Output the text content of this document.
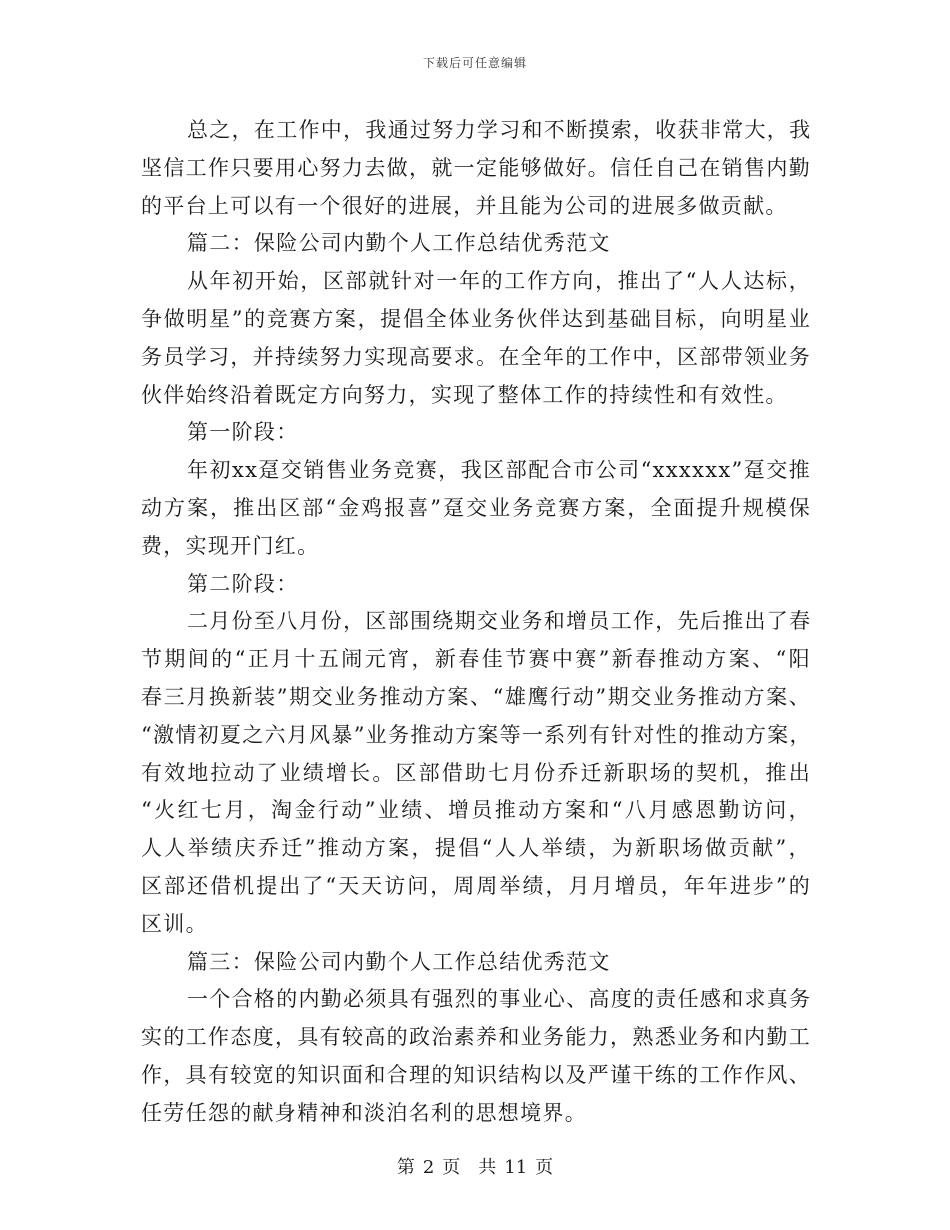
下载后可任意编辑
总之，在工作中，我通过努力学习和不断摸索，收获非常大，我
坚信工作只要用心努力去做，就一定能够做好。信任自己在销售内勤
的平台上可以有一个很好的进展，并且能为公司的进展多做贡献。
篇二：保险公司内勤个人工作总结优秀范文
从年初开始，区部就针对一年的工作方向，推出了“人人达标，
争做明星”的竞赛方案，提倡全体业务伙伴达到基础目标，向明星业
务员学习，并持续努力实现高要求。在全年的工作中，区部带领业务
伙伴始终沿着既定方向努力，实现了整体工作的持续性和有效性。
第一阶段：
年初xx趸交销售业务竞赛，我区部配合市公司“xxxxxx”趸交推
动方案，推出区部“金鸡报喜”趸交业务竞赛方案，全面提升规模保
费，实现开门红。
第二阶段：
二月份至八月份，区部围绕期交业务和增员工作，先后推出了春
节期间的“正月十五闹元宵，新春佳节赛中赛”新春推动方案、“阳
春三月换新装”期交业务推动方案、“雄鹰行动”期交业务推动方案、
“激情初夏之六月风暴”业务推动方案等一系列有针对性的推动方案，
有效地拉动了业绩增长。区部借助七月份乔迁新职场的契机，推出
“火红七月，淘金行动”业绩、增员推动方案和“八月感恩勤访问，
人人举绩庆乔迁”推动方案，提倡“人人举绩，为新职场做贡献”，
区部还借机提出了“天天访问，周周举绩，月月增员，年年进步”的
区训。
篇三：保险公司内勤个人工作总结优秀范文
一个合格的内勤必须具有强烈的事业心、高度的责任感和求真务
实的工作态度，具有较高的政治素养和业务能力，熟悉业务和内勤工
作，具有较宽的知识面和合理的知识结构以及严谨干练的工作作风、
任劳任怨的献身精神和淡泊名利的思想境界。
第 2 页　共 11 页
